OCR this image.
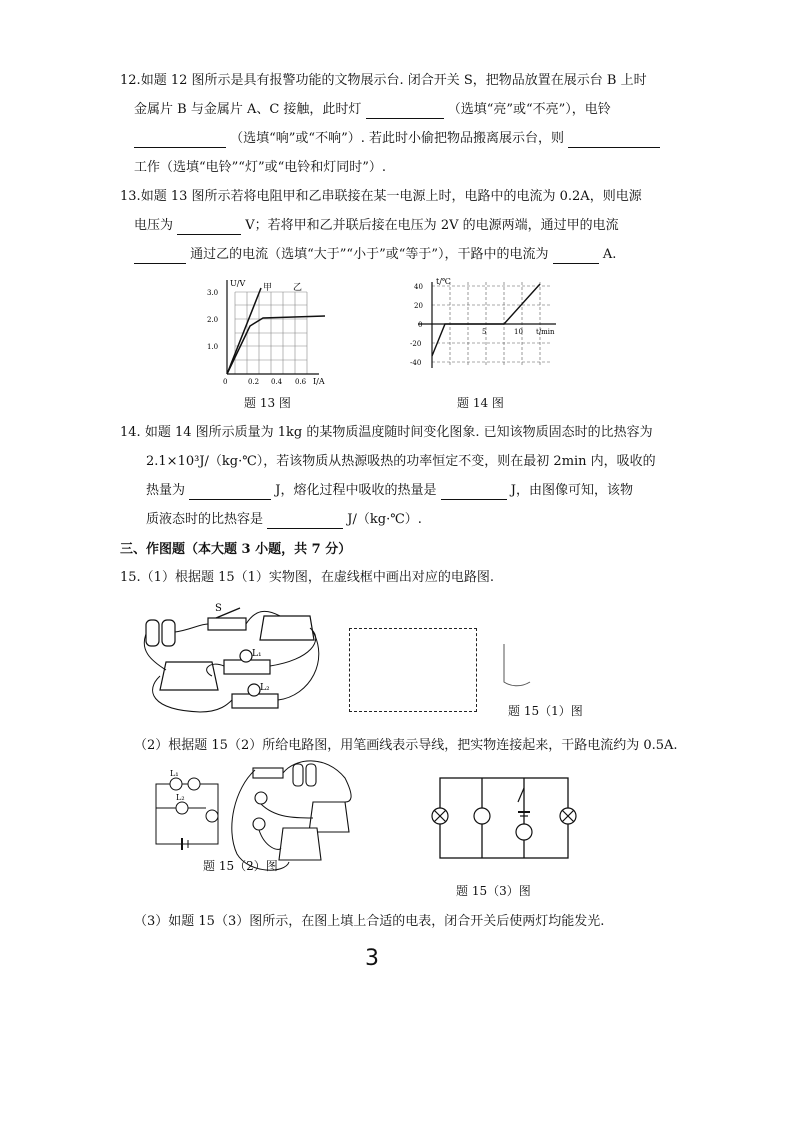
12.如题 12 图所示是具有报警功能的文物展示台. 闭合开关 S，把物品放置在展示台 B 上时
金属片 B 与金属片 A、C 接触，此时灯	（选填“亮”或“不亮”），电铃
（选填“响”或“不响”）. 若此时小偷把物品搬离展示台，则
工作（选填“电铃”“灯”或“电铃和灯同时”）.
13.如题 13 图所示若将电阻甲和乙串联接在某一电源上时，电路中的电流为 0.2A，则电源
电压为	V；若将甲和乙并联后接在电压为 2V 的电源两端，通过甲的电流
通过乙的电流（选填“大于”“小于”或“等于”），干路中的电流为	A.
U/V
3.0
2.0
1.0
0	0.2 0.4 0.6 I/A
甲 乙
题 13 图
t/℃
40
20
0
-20
-40
5	10 t/min
题 14 图
14. 如题 14 图所示质量为 1kg 的某物质温度随时间变化图象. 已知该物质固态时的比热容为
2.1×10³J/（kg·℃），若该物质从热源吸热的功率恒定不变，则在最初 2min 内，吸收的
热量为	J，熔化过程中吸收的热量是	J，由图像可知，该物
质液态时的比热容是	J/（kg·℃）.
三、作图题（本大题 3 小题，共 7 分）
15.（1）根据题 15（1）实物图，在虚线框中画出对应的电路图.
S
L₁
L₂
题 15（1）图
（2）根据题 15（2）所给电路图，用笔画线表示导线，把实物连接起来，干路电流约为 0.5A.
L₁
L₂
题 15（2）图
题 15（3）图
（3）如题 15（3）图所示，在图上填上合适的电表，闭合开关后使两灯均能发光.
3
